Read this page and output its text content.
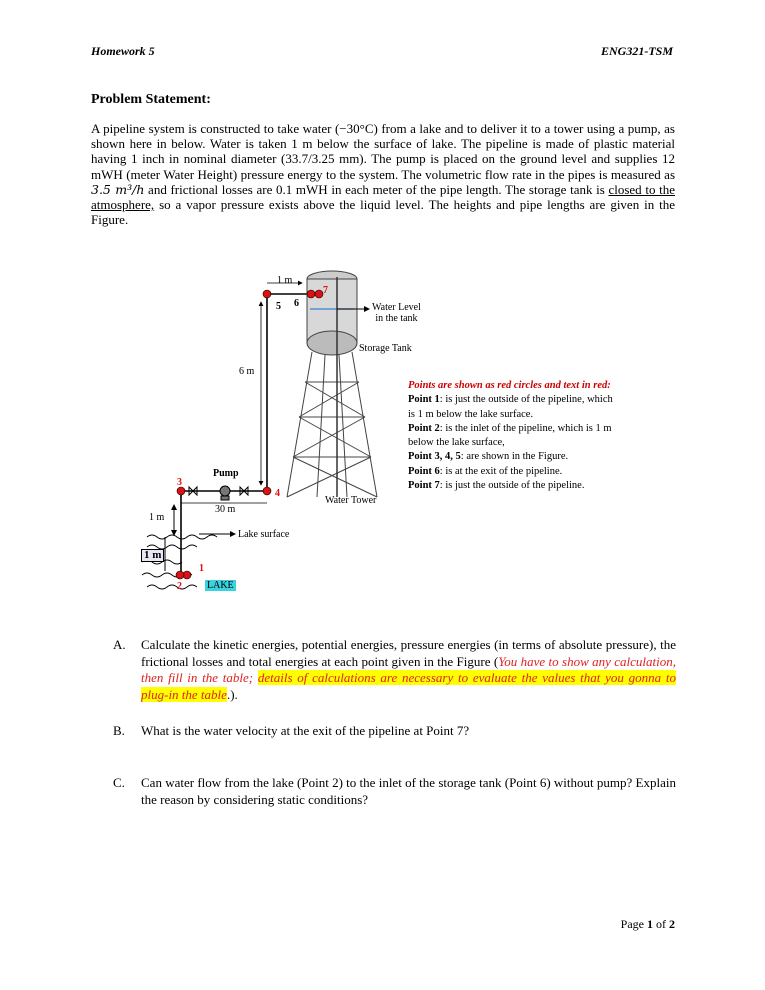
Homework 5	ENG321-TSM
Problem Statement:
A pipeline system is constructed to take water (−30°C) from a lake and to deliver it to a tower using a pump, as shown here in below. Water is taken 1 m below the surface of lake. The pipeline is made of plastic material having 1 inch in nominal diameter (33.7/3.25 mm). The pump is placed on the ground level and supplies 12 mWH (meter Water Height) pressure energy to the system. The volumetric flow rate in the pipes is measured as 3.5 m³/h and frictional losses are 0.1 mWH in each meter of the pipe length. The storage tank is closed to the atmosphere, so a vapor pressure exists above the liquid level. The heights and pipe lengths are given in the Figure.
1 m
6 m
30 m
1 m
1 m
Pump
Water Level
in the tank
Storage Tank
Water Tower
Lake surface
LAKE
1
2
3
4
5 6
7
Points are shown as red circles and text in red:
Point 1: is just the outside of the pipeline, which is 1 m below the lake surface.
Point 2: is the inlet of the pipeline, which is 1 m below the lake surface,
Point 3, 4, 5: are shown in the Figure.
Point 6: is at the exit of the pipeline.
Point 7: is just the outside of the pipeline.
A. Calculate the kinetic energies, potential energies, pressure energies (in terms of absolute pressure), the frictional losses and total energies at each point given in the Figure (You have to show any calculation, then fill in the table; details of calculations are necessary to evaluate the values that you gonna to plug-in the table.).
B. What is the water velocity at the exit of the pipeline at Point 7?
C. Can water flow from the lake (Point 2) to the inlet of the storage tank (Point 6) without pump? Explain the reason by considering static conditions?
Page 1 of 2
